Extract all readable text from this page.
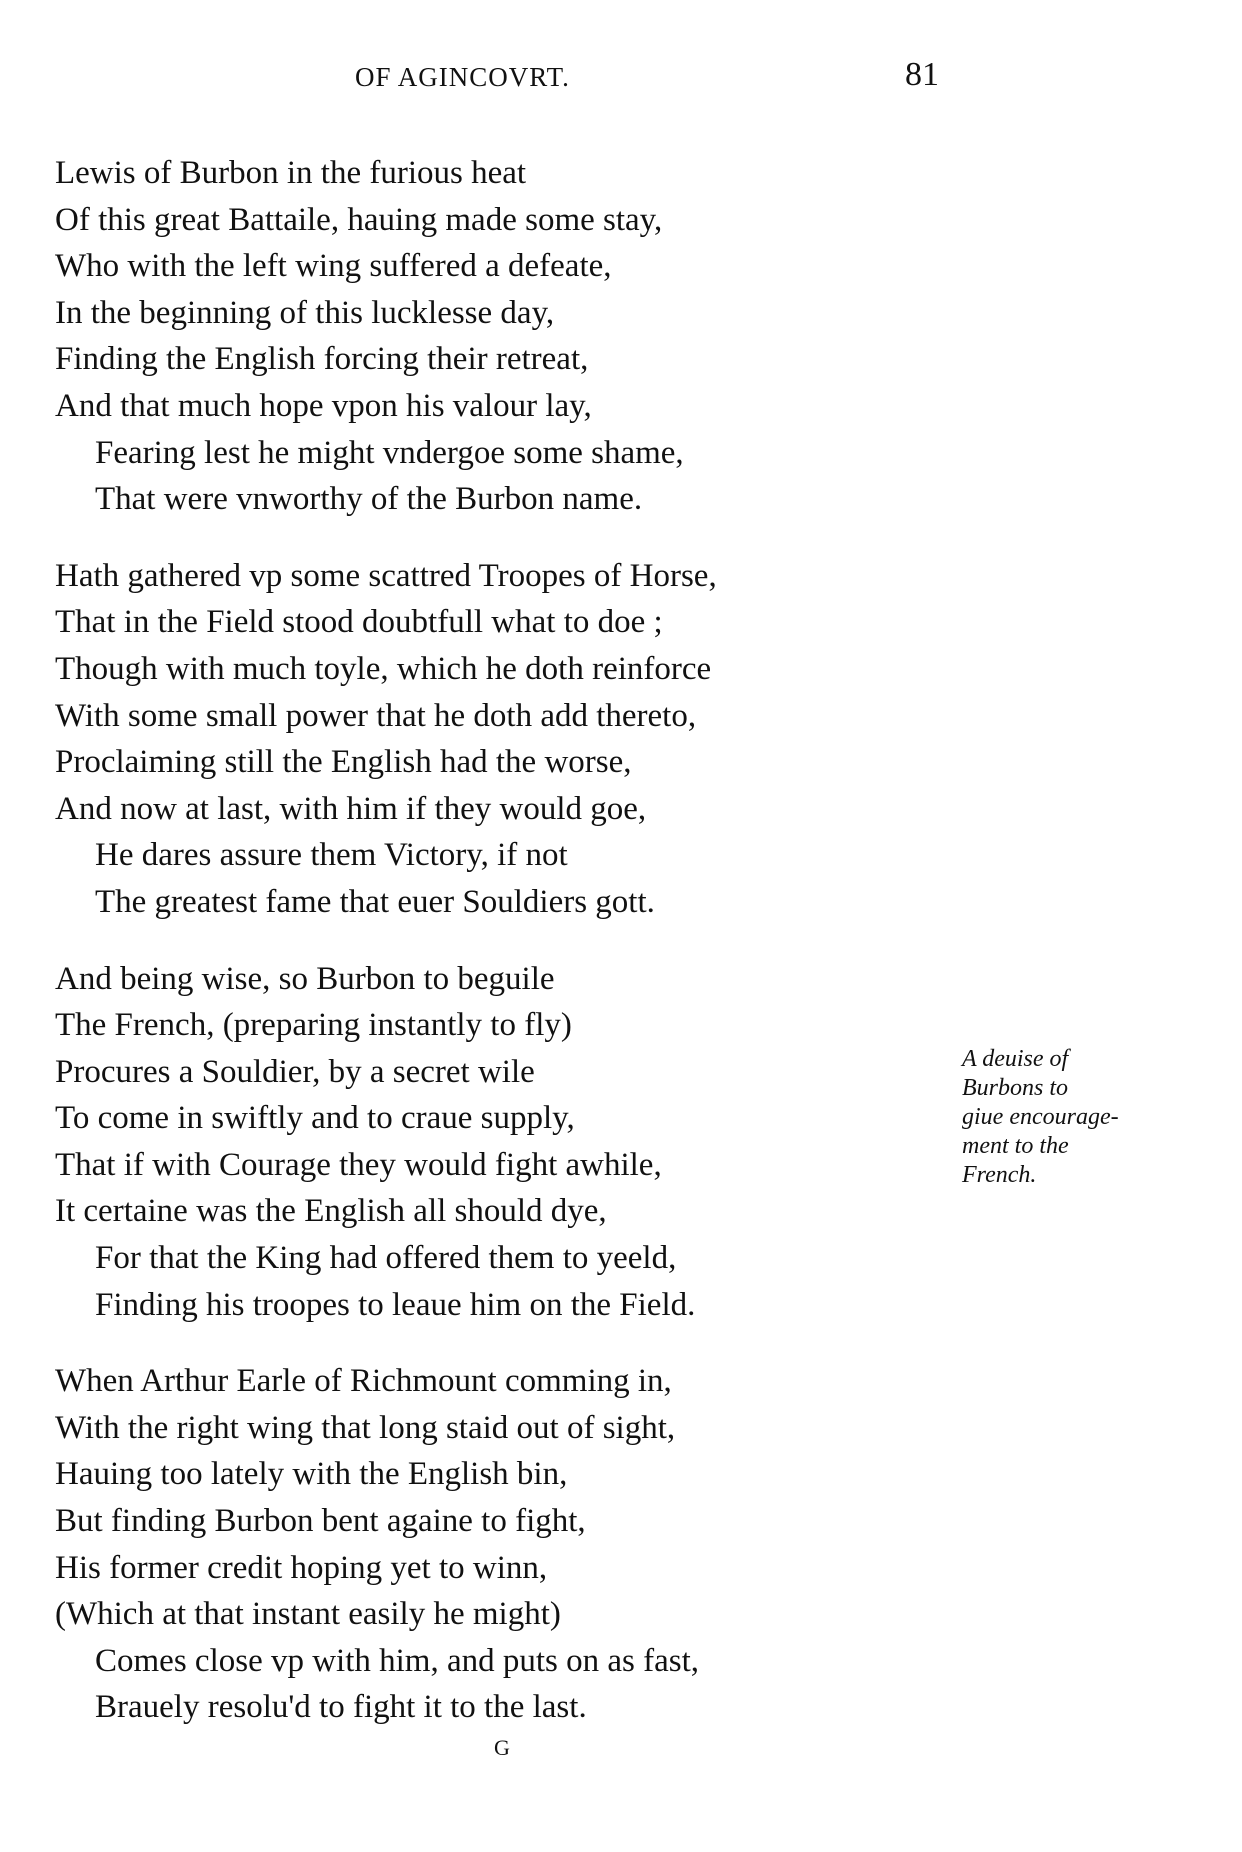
OF AGINCOVRT.	81
Lewis of Burbon in the furious heat
Of this great Battaile, hauing made some stay,
Who with the left wing suffered a defeate,
In the beginning of this lucklesse day,
Finding the English forcing their retreat,
And that much hope vpon his valour lay,
Fearing lest he might vndergoe some shame,
That were vnworthy of the Burbon name.
Hath gathered vp some scattred Troopes of Horse,
That in the Field stood doubtfull what to doe ;
Though with much toyle, which he doth reinforce
With some small power that he doth add thereto,
Proclaiming still the English had the worse,
And now at last, with him if they would goe,
He dares assure them Victory, if not
The greatest fame that euer Souldiers gott.
And being wise, so Burbon to beguile
The French, (preparing instantly to fly)
Procures a Souldier, by a secret wile
To come in swiftly and to craue supply,
That if with Courage they would fight awhile,
It certaine was the English all should dye,
For that the King had offered them to yeeld,
Finding his troopes to leaue him on the Field.
When Arthur Earle of Richmount comming in,
With the right wing that long staid out of sight,
Hauing too lately with the English bin,
But finding Burbon bent againe to fight,
His former credit hoping yet to winn,
(Which at that instant easily he might)
Comes close vp with him, and puts on as fast,
Brauely resolu'd to fight it to the last.
A deuise of
Burbons to
giue encourage-
ment to the
French.
G
